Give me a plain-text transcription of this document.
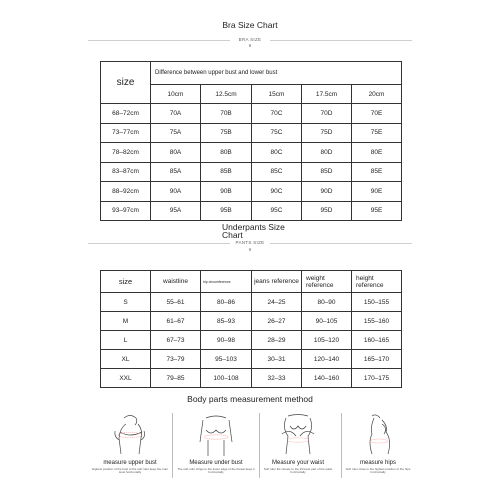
Bra Size Chart
BRA SIZE
∨
size	Difference between upper bust and lower bust				
	10cm	12.5cm	15cm	17.5cm	20cm
68–72cm	70A	70B	70C	70D	70E
73–77cm	75A	75B	75C	75D	75E
78–82cm	80A	80B	80C	80D	80E
83–87cm	85A	85B	85C	85D	85E
88–92cm	90A	90B	90C	90D	90E
93–97cm	95A	95B	95C	95D	95E
Underpants Size Chart
PANTS SIZE
∨
size	waistline	hip circumference	jeans reference	weight reference	height reference
S	55–61	80–86	24–25	80–90	150–155
M	61–67	85–93	26–27	90–105	155–160
L	67–73	90–98	28–29	105–120	160–165
XL	73–79	95–103	30–31	120–140	165–170
XXL	79–85	100–108	32–33	140–160	170–175
Body parts measurement method
measure upper bust
Highest position of the bust of the soft ruler keep the ruler level horizontally
Measure under bust
The soft ruler clings to the lower edge of the breast keep it horizontally
Measure your waist
Soft ruler fits closely to the thinnest part of the waist horizontally
measure hips
Soft ruler close to the highest position of the hips horizontally
